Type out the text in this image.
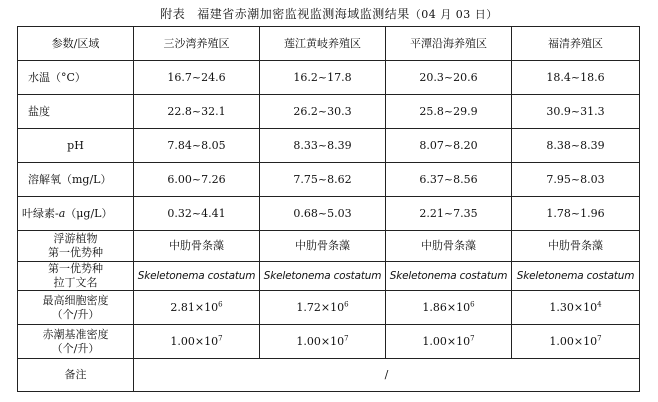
附表 福建省赤潮加密监视监测海域监测结果（04 月 03 日）
参数/区域	三沙湾养殖区	莲江黄岐养殖区	平潭沿海养殖区	福清养殖区
水温（°C）	16.7~24.6	16.2~17.8	20.3~20.6	18.4~18.6
盐度	22.8~32.1	26.2~30.3	25.8~29.9	30.9~31.3
pH	7.84~8.05	8.33~8.39	8.07~8.20	8.38~8.39
溶解氧（mg/L）	6.00~7.26	7.75~8.62	6.37~8.56	7.95~8.03
叶绿素-a（μg/L）	0.32~4.41	0.68~5.03	2.21~7.35	1.78~1.96

浮游植物
第一优势种	中肋骨条藻	中肋骨条藻	中肋骨条藻	中肋骨条藻

第一优势种
拉丁文名	Skeletonema costatum	Skeletonema costatum	Skeletonema costatum	Skeletonema costatum

最高细胞密度
（个/升）	$2.81\times 10^6$	$1.72\times 10^6$	$1.86\times 10^6$	$1.30\times 10^4$

赤潮基准密度
（个/升）	$1.00\times 10^7$	$1.00\times 10^7$	$1.00\times 10^7$	$1.00\times 10^7$
备注	/			
